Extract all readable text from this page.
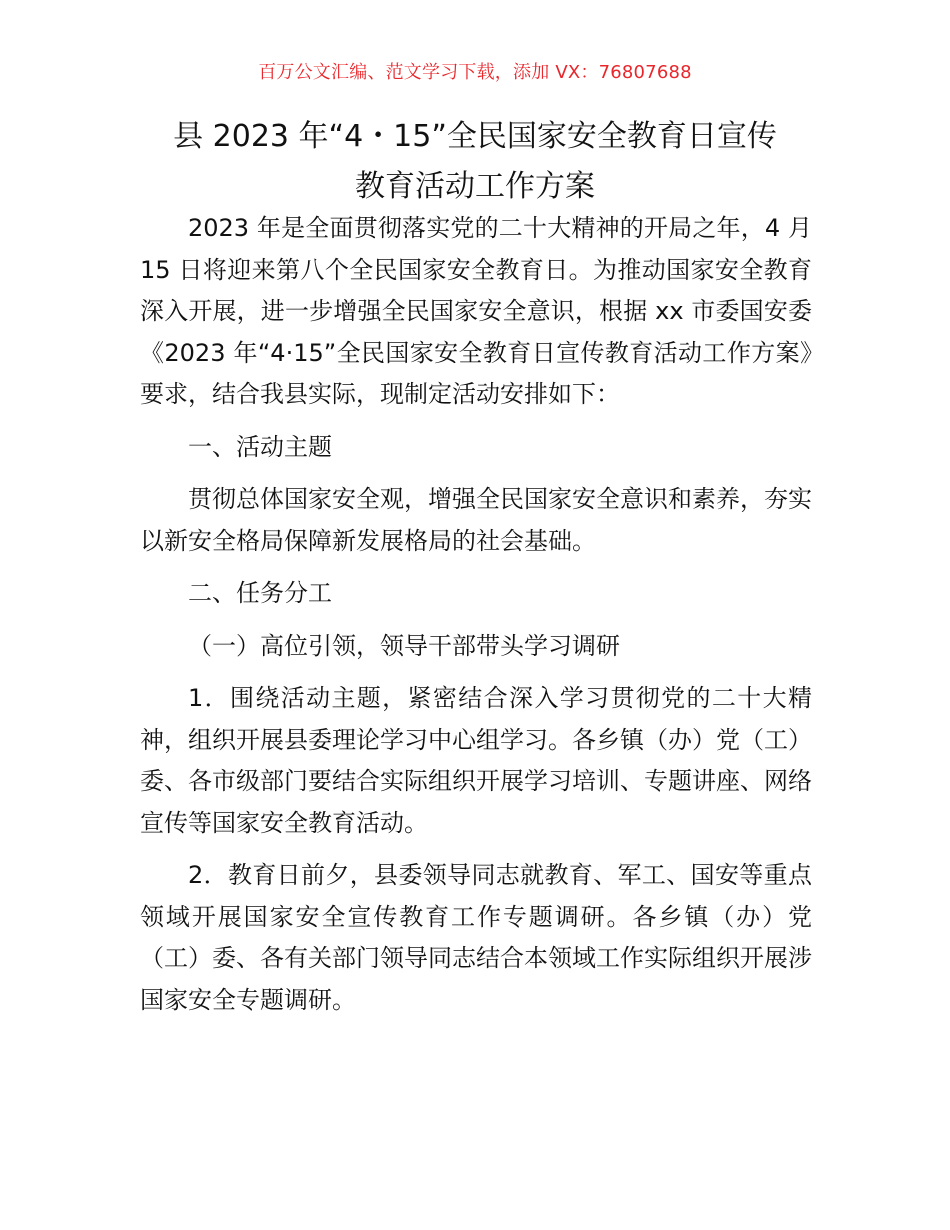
百万公文汇编、范文学习下载，添加 VX：76807688
县 2023 年“4・15”全民国家安全教育日宣传
教育活动工作方案

2023 年是全面贯彻落实党的二十大精神的开局之年，4 月 15 日将迎来第八个全民国家安全教育日。为推动国家安全教育深入开展，进一步增强全民国家安全意识，根据 xx 市委国安委《2023 年“4·15”全民国家安全教育日宣传教育活动工作方案》要求，结合我县实际，现制定活动安排如下：

一、活动主题

贯彻总体国家安全观，增强全民国家安全意识和素养，夯实以新安全格局保障新发展格局的社会基础。

二、任务分工

（一）高位引领，领导干部带头学习调研

1．围绕活动主题，紧密结合深入学习贯彻党的二十大精神，组织开展县委理论学习中心组学习。各乡镇（办）党（工）委、各市级部门要结合实际组织开展学习培训、专题讲座、网络宣传等国家安全教育活动。

2．教育日前夕，县委领导同志就教育、军工、国安等重点领域开展国家安全宣传教育工作专题调研。各乡镇（办）党（工）委、各有关部门领导同志结合本领域工作实际组织开展涉国家安全专题调研。
